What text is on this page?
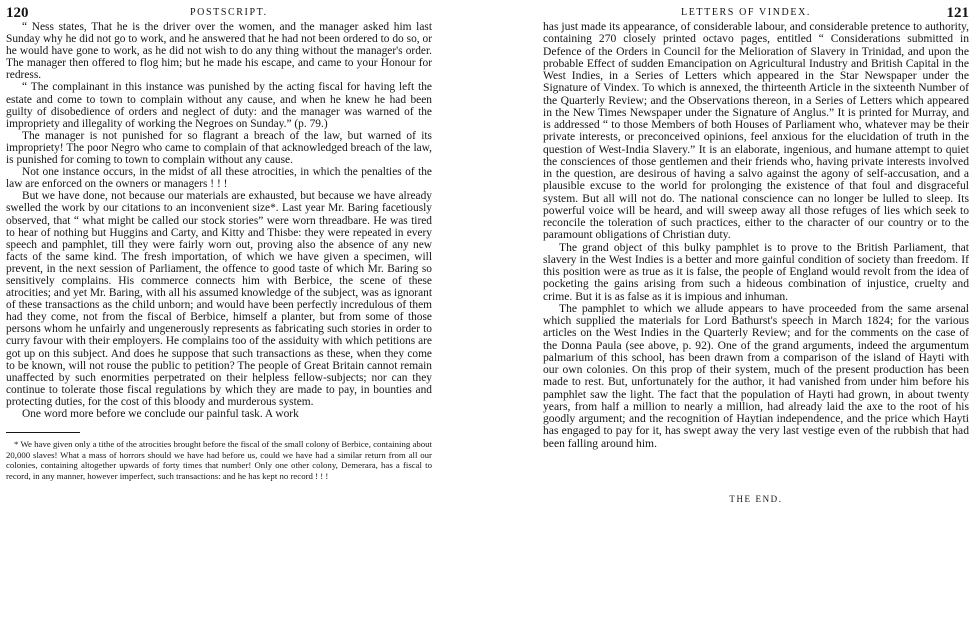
120	POSTSCRIPT.

“ Ness states, That he is the driver over the women, and the manager asked him last Sunday why he did not go to work, and he answered that he had not been ordered to do so, or he would have gone to work, as he did not wish to do any thing without the manager's order. The manager then offered to flog him; but he made his escape, and came to your Honour for redress.

“ The complainant in this instance was punished by the acting fiscal for having left the estate and come to town to complain without any cause, and when he knew he had been guilty of disobedience of orders and neglect of duty: and the manager was warned of the impropriety and illegality of working the Negroes on Sunday.” (p. 79.)

The manager is not punished for so flagrant a breach of the law, but warned of its impropriety! The poor Negro who came to complain of that acknowledged breach of the law, is punished for coming to town to complain without any cause.

Not one instance occurs, in the midst of all these atrocities, in which the penalties of the law are enforced on the owners or managers ! ! !

But we have done, not because our materials are exhausted, but because we have already swelled the work by our citations to an inconvenient size*. Last year Mr. Baring facetiously observed, that “ what might be called our stock stories” were worn threadbare. He was tired to hear of nothing but Huggins and Carty, and Kitty and Thisbe: they were repeated in every speech and pamphlet, till they were fairly worn out, proving also the absence of any new facts of the same kind. The fresh importation, of which we have given a specimen, will prevent, in the next session of Parliament, the offence to good taste of which Mr. Baring so sensitively complains. His commerce connects him with Berbice, the scene of these atrocities; and yet Mr. Baring, with all his assumed knowledge of the subject, was as ignorant of these transactions as the child unborn; and would have been perfectly incredulous of them had they come, not from the fiscal of Berbice, himself a planter, but from some of those persons whom he unfairly and ungenerously represents as fabricating such stories in order to curry favour with their employers. He complains too of the assiduity with which petitions are got up on this subject. And does he suppose that such transactions as these, when they come to be known, will not rouse the public to petition? The people of Great Britain cannot remain unaffected by such enormities perpetrated on their helpless fellow-subjects; nor can they continue to tolerate those fiscal regulations by which they are made to pay, in bounties and protecting duties, for the cost of this bloody and murderous system.

One word more before we conclude our painful task. A work

* We have given only a tithe of the atrocities brought before the fiscal of the small colony of Berbice, containing about 20,000 slaves! What a mass of horrors should we have had before us, could we have had a similar return from all our colonies, containing altogether upwards of forty times that number! Only one other colony, Demerara, has a fiscal to record, in any manner, however imperfect, such transactions: and he has kept no record ! ! !

LETTERS OF VINDEX.	121

has just made its appearance, of considerable labour, and considerable pretence to authority, containing 270 closely printed octavo pages, entitled “ Considerations submitted in Defence of the Orders in Council for the Melioration of Slavery in Trinidad, and upon the probable Effect of sudden Emancipation on Agricultural Industry and British Capital in the West Indies, in a Series of Letters which appeared in the Star Newspaper under the Signature of Vindex. To which is annexed, the thirteenth Article in the sixteenth Number of the Quarterly Review; and the Observations thereon, in a Series of Letters which appeared in the New Times Newspaper under the Signature of Anglus.” It is printed for Murray, and is addressed “ to those Members of both Houses of Parliament who, whatever may be their private interests, or preconceived opinions, feel anxious for the elucidation of truth in the question of West-India Slavery.” It is an elaborate, ingenious, and humane attempt to quiet the consciences of those gentlemen and their friends who, having private interests involved in the question, are desirous of having a salvo against the agony of self-accusation, and a plausible excuse to the world for prolonging the existence of that foul and disgraceful system. But all will not do. The national conscience can no longer be lulled to sleep. Its powerful voice will be heard, and will sweep away all those refuges of lies which seek to reconcile the toleration of such practices, either to the character of our country or to the paramount obligations of Christian duty.

The grand object of this bulky pamphlet is to prove to the British Parliament, that slavery in the West Indies is a better and more gainful condition of society than freedom. If this position were as true as it is false, the people of England would revolt from the idea of pocketing the gains arising from such a hideous combination of injustice, cruelty and crime. But it is as false as it is impious and inhuman.

The pamphlet to which we allude appears to have proceeded from the same arsenal which supplied the materials for Lord Bathurst's speech in March 1824; for the various articles on the West Indies in the Quarterly Review; and for the comments on the case of the Donna Paula (see above, p. 92). One of the grand arguments, indeed the argumentum palmarium of this school, has been drawn from a comparison of the island of Hayti with our own colonies. On this prop of their system, much of the present production has been made to rest. But, unfortunately for the author, it had vanished from under him before his pamphlet saw the light. The fact that the population of Hayti had grown, in about twenty years, from half a million to nearly a million, had already laid the axe to the root of his goodly argument; and the recognition of Haytian independence, and the price which Hayti has engaged to pay for it, has swept away the very last vestige even of the rubbish that had been falling around him.

THE END.
